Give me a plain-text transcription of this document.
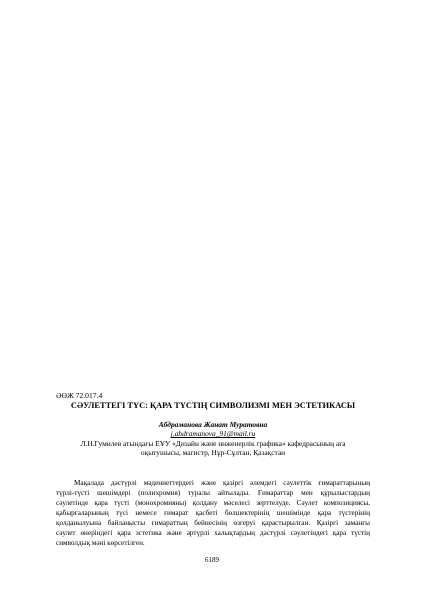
ӘӨЖ 72.017.4
СӘУЛЕТТЕГІ ТҮС: ҚАРА ТҮСТІҢ СИМВОЛИЗМІ МЕН ЭСТЕТИКАСЫ
Абдраманова Жанат Муратовна
j.abdramanova_91@mail.ru
Л.Н.Гумилев атындағы ЕҰУ «Дизайн және инженерлік графика» кафедрасының аға
оқытушысы, магистр, Нұр-Сұлтан, Қазақстан
Мақалада дәстүрлі мәдениеттердегі және қазіргі әлемдегі сәулеттік ғимараттарының
түрлі-түсті шешімдері (полихромия) туралы айтылады. Ғимараттар мен құрылыстардың
сәулетінде қара түсті (монохромияны) қолдану мәселесі зерттелуде. Сәулет композициясы,
қабырғаларының түсі немесе ғимарат қасбеті бөлшектерінің шешімінде қара түстерінің
қолданылуына байланысты ғимараттың бейнесінің өзгеруі қарастырылған. Қазіргі заманғы
сәулет өнеріндегі қара эстетика және әртүрлі халықтардың дәстүрлі сәулетіндегі қара түстің
символдық мәні көрсетілген.
6189
